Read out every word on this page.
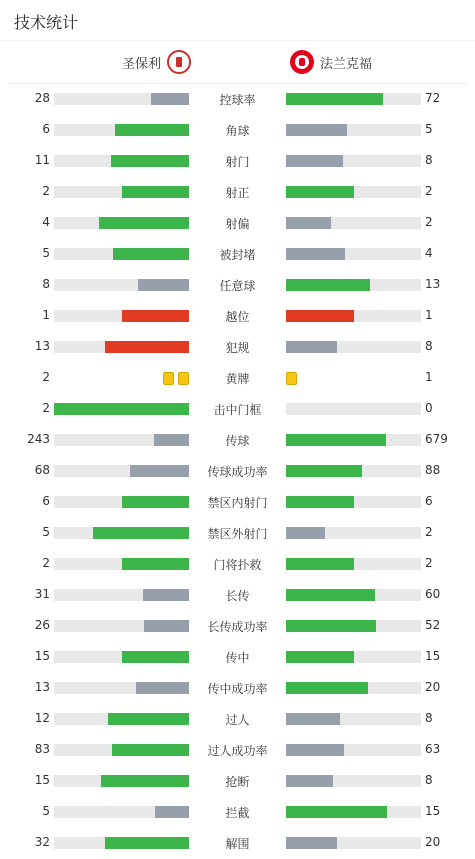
技术统计
圣保利	法兰克福
28	控球率	72
6	角球	5
11	射门	8
2	射正	2
4	射偏	2
5	被封堵	4
8	任意球	13
1	越位	1
13	犯规	8
2	黄牌	1
2	击中门框	0
243	传球	679
68	传球成功率	88
6	禁区内射门	6
5	禁区外射门	2
2	门将扑救	2
31	长传	60
26	长传成功率	52
15	传中	15
13	传中成功率	20
12	过人	8
83	过人成功率	63
15	抢断	8
5	拦截	15
32	解围	20
